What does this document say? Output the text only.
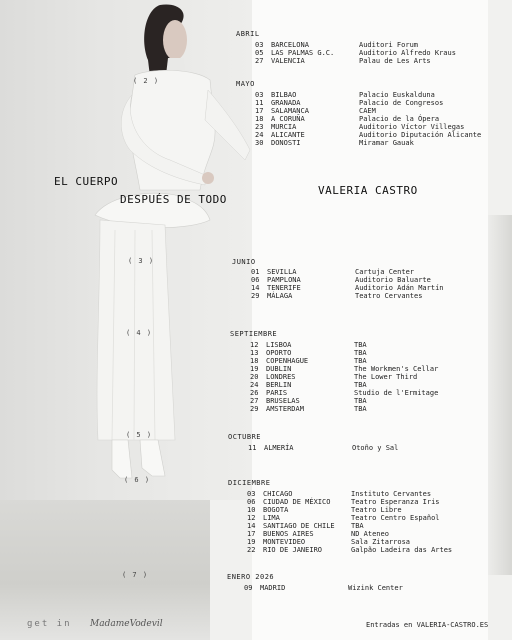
EL CUERPO
DESPUÉS DE TODO
VALERIA CASTRO
( 2 )
( 3 )
( 4 )
( 5 )
( 6 )
( 7 )
ABRIL
MAYO
JUNIO
SEPTIEMBRE
OCTUBRE
DICIEMBRE
ENERO 2026
03 BARCELONA	Auditori Forum
05 LAS PALMAS G.C.	Auditorio Alfredo Kraus
27 VALENCIA	Palau de Les Arts
03 BILBAO	Palacio Euskalduna
11 GRANADA	Palacio de Congresos
17 SALAMANCA	CAEM
18 A CORUÑA	Palacio de la Ópera
23 MURCIA	Auditorio Víctor Villegas
24 ALICANTE	Auditorio Diputación Alicante
30 DONOSTI	Miramar Gauak
01 SEVILLA	Cartuja Center
06 PAMPLONA	Auditorio Baluarte
14 TENERIFE	Auditorio Adán Martín
29 MÁLAGA	Teatro Cervantes
12 LISBOA	TBA
13 OPORTO	TBA
18 COPENHAGUE	TBA
19 DUBLIN	The Workmen's Cellar
20 LONDRES	The Lower Third
24 BERLIN	TBA
26 PARIS	Studio de l'Ermitage
27 BRUSELAS	TBA
29 AMSTERDAM	TBA
11 ALMERÍA	Otoño y Sal
03 CHICAGO	Instituto Cervantes
06 CIUDAD DE MÉXICO	Teatro Esperanza Iris
10 BOGOTA	Teatro Libre
12 LIMA	Teatro Centro Español
14 SANTIAGO DE CHILE TBA
17 BUENOS AIRES	ND Ateneo
19 MONTEVIDEO	Sala Zitarrosa
22 RIO DE JANEIRO	Galpão Ladeira das Artes
09 MADRID	Wizink Center
get in MadameVodevil	Entradas en VALERIA-CASTRO.ES
